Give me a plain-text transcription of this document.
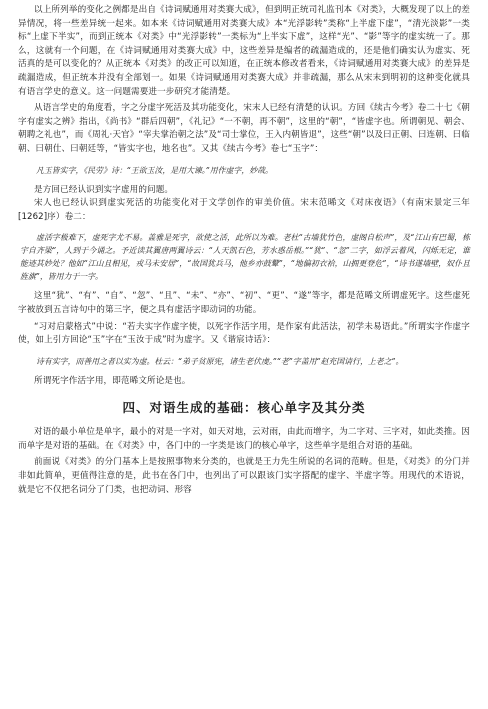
以上所列举的变化之例都是出自《诗词赋通用对类赛大成》，但到明正统司礼监刊本《对类》，大概发现了以上的差异情况，将一些差异统一起来。如本来《诗词赋通用对类赛大成》本“光浮影转”类称“上半虚下虚”，“清光淡影”一类标“上虚下半实”，而到正统本《对类》中“光浮影转”一类标为“上半实下虚”，这样“光”、“影”等字的虚实统一了。那么，这就有一个问题，在《诗词赋通用对类赛大成》中，这些差异是编者的疏漏造成的，还是他们确实认为虚实、死活真的是可以变化的？从正统本《对类》的改正可以知道，在正统本修改者看来，《诗词赋通用对类赛大成》的差异是疏漏造成，但正统本并没有全部划一。如果《诗词赋通用对类赛大成》并非疏漏，那么从宋末到明初的这种变化就具有语言学史的意义。这一问题需要进一步研究才能清楚。

从语言学史的角度看，字之分虚字死活及其功能变化，宋末人已经有清楚的认识。方回《续古今考》卷二十七《朝字有虚实之辨》指出，《尚书》“群后四朝”，《礼记》“一不朝，再不朝”，这里的“朝”，“皆虚字也。所谓朝见、朝会、朝聘之礼也”，而《周礼·天官》“宰夫掌治朝之法”及“司士掌位，王入内朝皆退”，这些“朝”以及曰正朝、曰连朝、曰临朝、曰朝仕、曰朝廷等，“皆实字也，地名也”。又其《续古今考》卷七“玉字”：

凡玉皆实字，《民劳》诗：“王欲玉汝，是用大谏。”用作虚字，妙哉。

是方回已经认识到实字虚用的问题。

宋人也已经认识到虚实死活的功能变化对于文学创作的审美价值。宋末范晞文《对床夜语》（有南宋景定三年[1262]序）卷二：

虚活字极难下，虚死字尤不易。盖雅是死字，欲使之活，此所以为难。老杜“古墙犹竹色，虚阁自松声”，及“江山有巴蜀，栋宇自齐梁”，人到于今诵之。予近读其翼唐两翼诗云：“人天凯石色，芳水惑岳根。”“犹”、“忽”二字，如浮云着风，闪烁无定，谁能迹其妙处？他如“江山且相见，戎马未安居”，“故国犹兵马，他乡亦鼓鼙”，“地偏初衣袷，山拥更登危”，“诗书遂墙壁，奴仆且旌旗”，皆用力于一字。

这里“犹”、“有”、“自”、“忽”、“且”、“未”、“亦”、“初”、“更”、“遂”等字，都是范晞文所谓虚死字。这些虚死字被放到五言诗句中的第三字，便之具有虚活字即动词的功能。

“习对启蒙格式”中说：“若夫实字作虚字使，以死字作活字用，是作家有此活法，初学未易语此。”所谓实字作虚字使，如上引方回论“玉”字在“玉汝于成”时为虚字。又《谐宸诗话》：

诗有实字，而善用之者以实为虚。杜云：“弟子贫原宪，诸生老伏虔。”“老”字盖用“赵充国请行，上老之”。

所谓死字作活字用，即范晞文所论是也。

四、对语生成的基础：核心单字及其分类

对语的最小单位是单字，最小的对是一字对，如天对地，云对雨，由此而增字，为二字对、三字对，如此类推。因而单字是对语的基础。在《对类》中，各门中的一字类是该门的核心单字，这些单字是组合对语的基础。

前面说《对类》的分门基本上是按照事物来分类的，也就是王力先生所说的名词的范畴。但是，《对类》的分门并非如此简单，更值得注意的是，此书在各门中，也列出了可以跟该门实字搭配的虚字、半虚字等。用现代的术语说，就是它不仅把名词分了门类，也把动词、形容
